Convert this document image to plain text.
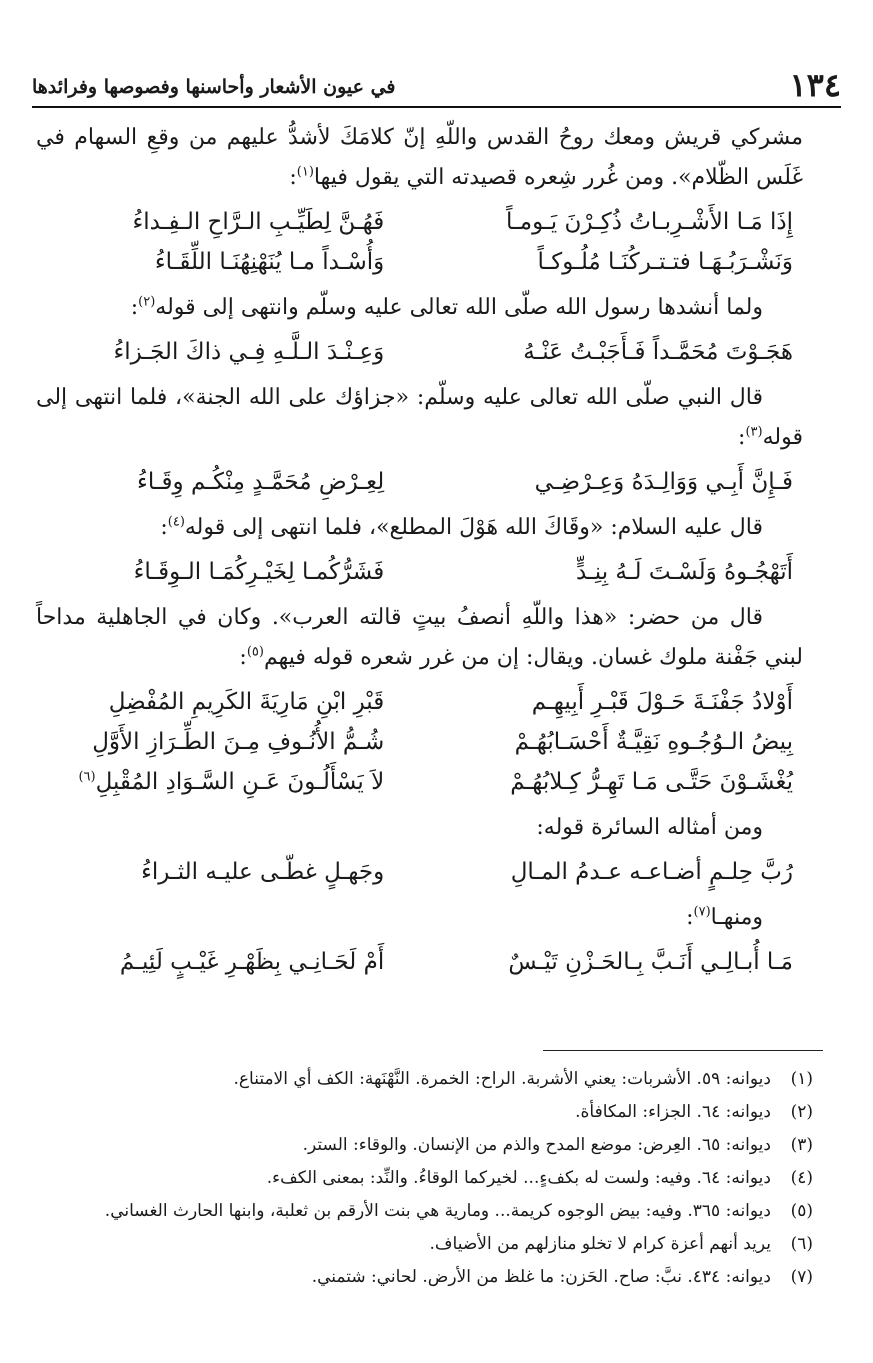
١٣٤
في عيون الأشعار وأحاسنها وفصوصها وفرائدها

مشركي قريش ومعك روحُ القدس واللّهِ إنّ كلامَكَ لأشدُّ عليهم من وقعِ السهام في غَلَس الظّلام». ومن غُرر شِعره قصيدته التي يقول فيها$^{(١)}$:

إِذَا مَـا الأَشْـرِبـاتُ ذُكِـرْنَ يَـومـاً
فَهُـنَّ لِطَيِّـبِ الـرَّاحِ الـفِـداءُ
وَنَشْـرَبُـهَـا فتـتـركُنَـا مُلُـوكـاً
وَأُسْـداً مـا يُنَهْنِهُنَـا اللِّقَـاءُ

ولما أنشدها رسول الله صلّى الله تعالى عليه وسلّم وانتهى إلى قوله$^{(٢)}$:

هَجَـوْتَ مُحَمَّـداً فَـأَجَبْـتُ عَنْـهُ
وَعِـنْـدَ الـلَّـهِ فِـي ذاكَ الجَـزاءُ

قال النبي صلّى الله تعالى عليه وسلّم: «جزاؤك على الله الجنة»، فلما انتهى إلى قوله$^{(٣)}$:

فَـإِنَّ أَبِـي وَوَالِـدَهُ وَعِـرْضِـي
لِعِـرْضِ مُحَمَّـدٍ مِنْكُـم وِقَـاءُ

قال عليه السلام: «وقَاكَ الله هَوْلَ المطلع»، فلما انتهى إلى قوله$^{(٤)}$:

أَتَهْجُـوهُ وَلَسْـتَ لَـهُ بِنِـدٍّ
فَشَرُّكُمـا لِخَيْـرِكُمَـا الـوِقَـاءُ

قال من حضر: «هذا واللّهِ أنصفُ بيتٍ قالته العرب». وكان في الجاهلية مداحاً لبني جَفْنة ملوك غسان. ويقال: إن من غرر شعره قوله فيهم$^{(٥)}$:

أَوْلادُ جَفْنَـةَ حَـوْلَ قَبْـرِ أَبِيهِـم
قَبْرِ ابْنِ مَارِيَةَ الكَرِيمِ المُفْضِلِ
بِيضُ الـوُجُـوهِ نَقِيَّـةٌ أَحْسَـابُهُـمْ
شُـمُّ الأُنُـوفِ مِـنَ الطِّـرَازِ الأَوَّلِ
يُغْشَـوْنَ حَتَّـى مَـا تَهِـرُّ كِـلابُهُـمْ
لاَ يَسْأَلُـونَ عَـنِ السَّـوَادِ المُقْبِلِ$^{(٦)}$

ومن أمثاله السائرة قوله:

رُبَّ حِلـمٍ أضـاعـه عـدمُ المـالِ
وجَهـلٍ غطّـى عليـه الثـراءُ

ومنهـا$^{(٧)}$:

مَـا أُبـالِـي أَنَـبَّ بِـالحَـزْنِ تَيْـسٌ
أَمْ لَحَـانِـي بِظَهْـرِ غَيْـبٍ لَئِيـمُ

(١)
ديوانه: ٥٩. الأشربات: يعني الأشربة. الراح: الخمرة. النَّهْنَهة: الكف أي الامتناع.

(٢)
ديوانه: ٦٤. الجزاء: المكافأة.

(٣)
ديوانه: ٦٥. العِرض: موضع المدح والذم من الإنسان. والوقاء: الستر.

(٤)
ديوانه: ٦٤. وفيه: ولست له بكفءٍ... لخيركما الوقاءُ. والنِّد: بمعنى الكفء.

(٥)
ديوانه: ٣٦٥. وفيه: بيض الوجوه كريمة... ومارية هي بنت الأرقم بن ثعلبة، وابنها الحارث الغساني.

(٦)
يريد أنهم أعزة كرام لا تخلو منازلهم من الأضياف.

(٧)
ديوانه: ٤٣٤. نبَّ: صاح. الحَزن: ما غلظ من الأرض. لحاني: شتمني.
